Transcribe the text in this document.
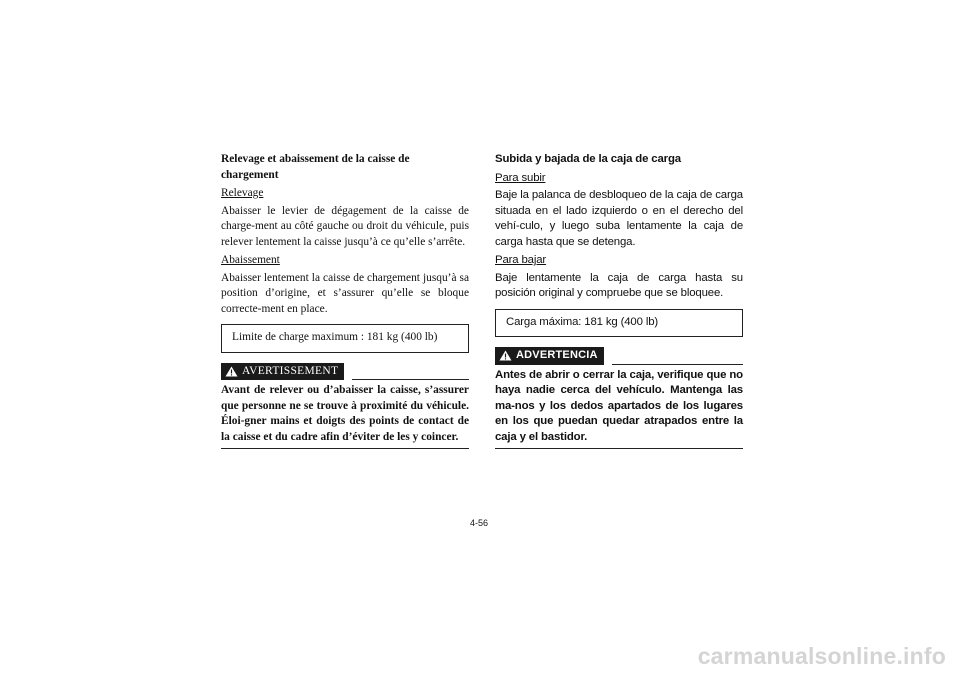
Relevage et abaissement de la caisse de chargement
Relevage
Abaisser le levier de dégagement de la caisse de charge-ment au côté gauche ou droit du véhicule, puis relever lentement la caisse jusqu’à ce qu’elle s’arrête.
Abaissement
Abaisser lentement la caisse de chargement jusqu’à sa position d’origine, et s’assurer qu’elle se bloque correcte-ment en place.
Limite de charge maximum : 181 kg (400 lb)
AVERTISSEMENT

Avant de relever ou d’abaisser la caisse, s’assurer que personne ne se trouve à proximité du véhicule. Éloi-gner mains et doigts des points de contact de la caisse et du cadre afin d’éviter de les y coincer.

Subida y bajada de la caja de carga
Para subir
Baje la palanca de desbloqueo de la caja de carga situada en el lado izquierdo o en el derecho del vehí-culo, y luego suba lentamente la caja de carga hasta que se detenga.
Para bajar
Baje lentamente la caja de carga hasta su posición original y compruebe que se bloquee.
Carga máxima: 181 kg (400 lb)
ADVERTENCIA

Antes de abrir o cerrar la caja, verifique que no haya nadie cerca del vehículo. Mantenga las ma-nos y los dedos apartados de los lugares en los que puedan quedar atrapados entre la caja y el bastidor.

4-56
carmanualsonline.info
